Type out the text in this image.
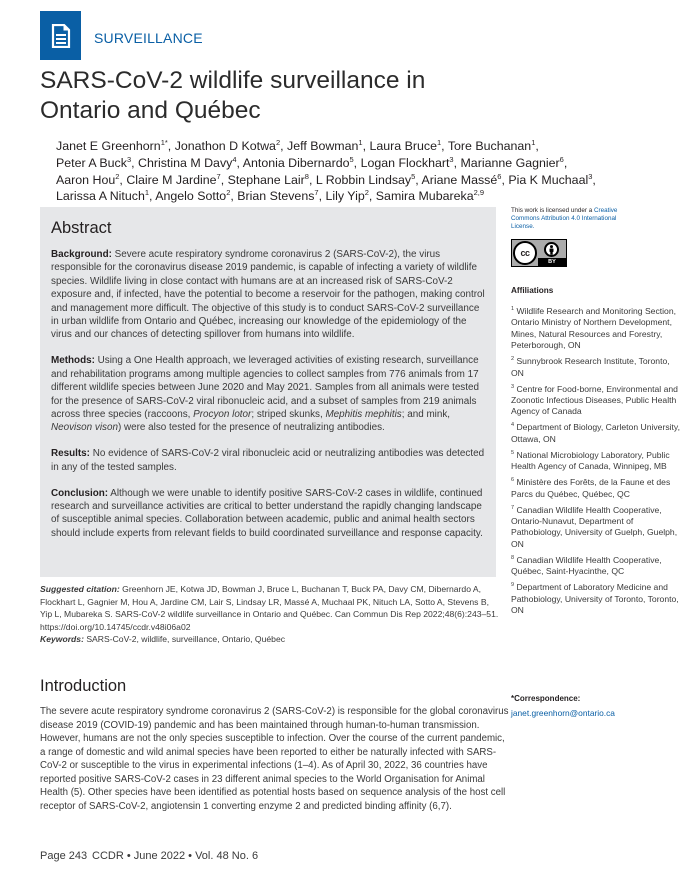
SURVEILLANCE
SARS-CoV-2 wildlife surveillance in Ontario and Québec
Janet E Greenhorn$^{1*}$, Jonathon D Kotwa$^2$, Jeff Bowman$^1$, Laura Bruce$^1$, Tore Buchanan$^1$,
Peter A Buck$^3$, Christina M Davy$^4$, Antonia Dibernardo$^5$, Logan Flockhart$^3$, Marianne Gagnier$^6$,
Aaron Hou$^2$, Claire M Jardine$^7$, Stephane Lair$^8$, L Robbin Lindsay$^5$, Ariane Massé$^6$, Pia K Muchaal$^3$,
Larissa A Nituch$^1$, Angelo Sotto$^2$, Brian Stevens$^7$, Lily Yip$^2$, Samira Mubareka$^{2,9}$
Abstract

Background: Severe acute respiratory syndrome coronavirus 2 (SARS-CoV-2), the virus responsible for the coronavirus disease 2019 pandemic, is capable of infecting a variety of wildlife species. Wildlife living in close contact with humans are at an increased risk of SARS-CoV-2 exposure and, if infected, have the potential to become a reservoir for the pathogen, making control and management more difficult. The objective of this study is to conduct SARS-CoV-2 surveillance in urban wildlife from Ontario and Québec, increasing our knowledge of the epidemiology of the virus and our chances of detecting spillover from humans into wildlife.

Methods: Using a One Health approach, we leveraged activities of existing research, surveillance and rehabilitation programs among multiple agencies to collect samples from 776 animals from 17 different wildlife species between June 2020 and May 2021. Samples from all animals were tested for the presence of SARS-CoV-2 viral ribonucleic acid, and a subset of samples from 219 animals across three species (raccoons, Procyon lotor; striped skunks, Mephitis mephitis; and mink, Neovison vison) were also tested for the presence of neutralizing antibodies.

Results: No evidence of SARS-CoV-2 viral ribonucleic acid or neutralizing antibodies was detected in any of the tested samples.

Conclusion: Although we were unable to identify positive SARS-CoV-2 cases in wildlife, continued research and surveillance activities are critical to better understand the rapidly changing landscape of susceptible animal species. Collaboration between academic, public and animal health sectors should include experts from relevant fields to build coordinated surveillance and response capacity.

Suggested citation: Greenhorn JE, Kotwa JD, Bowman J, Bruce L, Buchanan T, Buck PA, Davy CM, Dibernardo A, Flockhart L, Gagnier M, Hou A, Jardine CM, Lair S, Lindsay LR, Massé A, Muchaal PK, Nituch LA, Sotto A, Stevens B, Yip L, Mubareka S. SARS-CoV-2 wildlife surveillance in Ontario and Québec. Can Commun Dis Rep 2022;48(6):243–51. https://doi.org/10.14745/ccdr.v48i06a02
Keywords: SARS-CoV-2, wildlife, surveillance, Ontario, Québec
Introduction

The severe acute respiratory syndrome coronavirus 2 (SARS-CoV-2) is responsible for the global coronavirus disease 2019 (COVID-19) pandemic and has been maintained through human-to-human transmission. However, humans are not the only species susceptible to infection. Over the course of the current pandemic, a range of domestic and wild animal species have been reported to either be naturally infected with SARS-CoV-2 or susceptible to the virus in experimental infections (1–4). As of April 30, 2022, 36 countries have reported positive SARS-CoV-2 cases in 23 different animal species to the World Organisation for Animal Health (5). Other species have been identified as potential hosts based on sequence analysis of the host cell receptor of SARS-CoV-2, angiotensin 1 converting enzyme 2 and predicted binding affinity (6,7).

This work is licensed under a Creative Commons Attribution 4.0 International License.
cc
BY
Affiliations
$^1$ Wildlife Research and Monitoring Section, Ontario Ministry of Northern Development, Mines, Natural Resources and Forestry, Peterborough, ON
$^2$ Sunnybrook Research Institute, Toronto, ON
$^3$ Centre for Food-borne, Environmental and Zoonotic Infectious Diseases, Public Health Agency of Canada
$^4$ Department of Biology, Carleton University, Ottawa, ON
$^5$ National Microbiology Laboratory, Public Health Agency of Canada, Winnipeg, MB
$^6$ Ministère des Forêts, de la Faune et des Parcs du Québec, Québec, QC
$^7$ Canadian Wildlife Health Cooperative, Ontario-Nunavut, Department of Pathobiology, University of Guelph, Guelph, ON
$^8$ Canadian Wildlife Health Cooperative, Québec, Saint-Hyacinthe, QC
$^9$ Department of Laboratory Medicine and Pathobiology, University of Toronto, Toronto, ON
*Correspondence:
janet.greenhorn@ontario.ca
Page 243 CCDR • June 2022 • Vol. 48 No. 6
